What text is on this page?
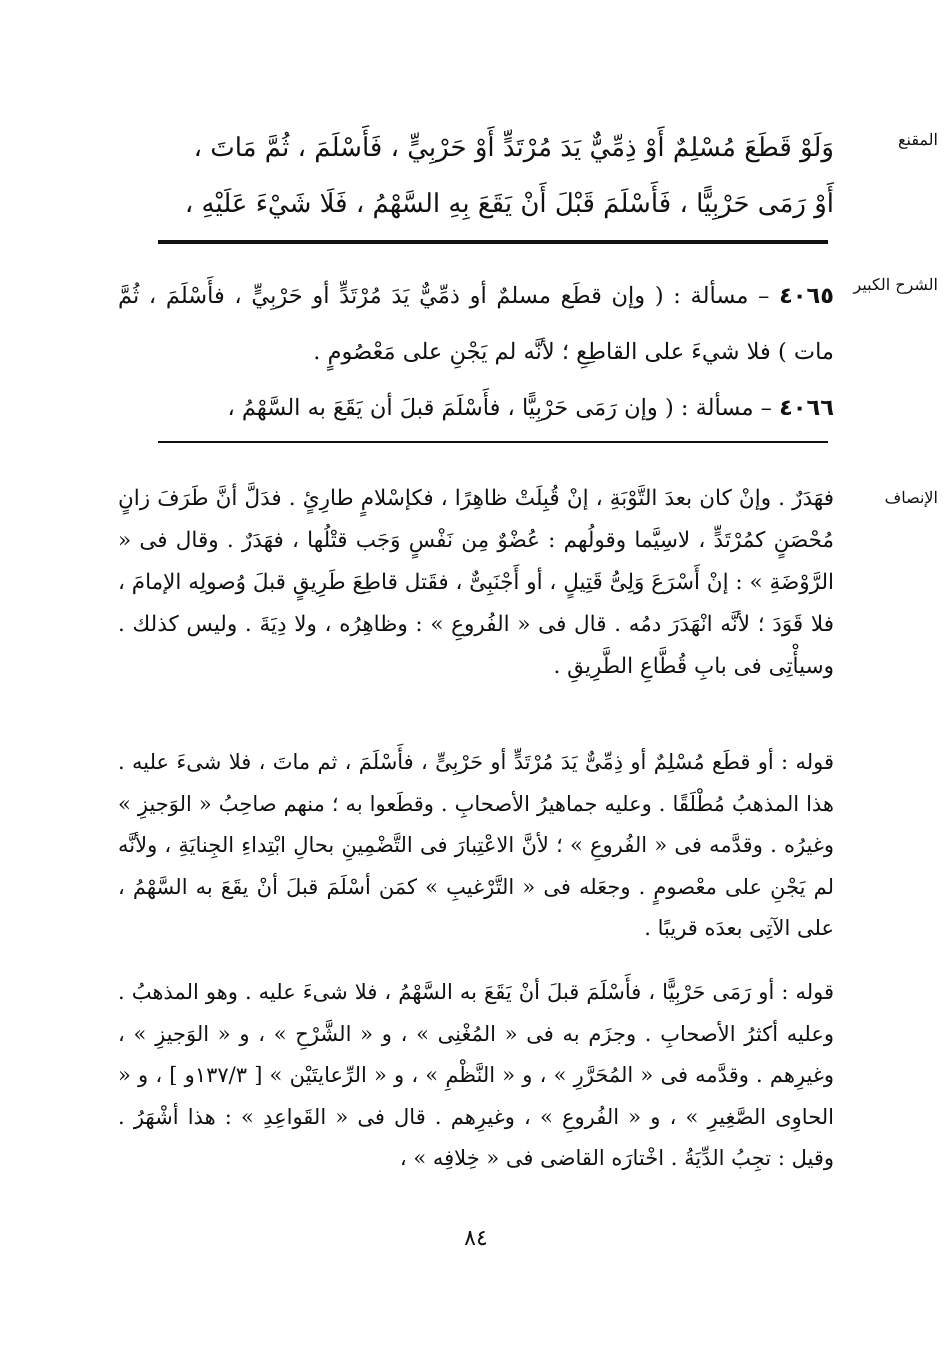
المقنع

وَلَوْ قَطَعَ مُسْلِمٌ أَوْ ذِمِّيٌّ يَدَ مُرْتَدٍّ أَوْ حَرْبِيٍّ ، فَأَسْلَمَ ، ثُمَّ مَاتَ ،

أَوْ رَمَى حَرْبِيًّا ، فَأَسْلَمَ قَبْلَ أَنْ يَقَعَ بِهِ السَّهْمُ ، فَلَا شَيْءَ عَلَيْهِ ،

الشرح الكبير

٤٠٦٥ – مسألة : ( وإن قطَع مسلمٌ أو ذمِّيٌّ يَدَ مُرْتَدٍّ أو حَرْبِيٍّ ، فأَسْلَمَ ، ثُمَّ مات ) فلا شيءَ على القاطِعِ ؛ لأنَّه لم يَجْنِ على مَعْصُومٍ .

٤٠٦٦ – مسألة : ( وإن رَمَى حَرْبِيًّا ، فأَسْلَمَ قبلَ أن يَقَعَ به السَّهْمُ ،

الإنصاف

فهَدَرٌ . وإنْ كان بعدَ التَّوْبَةِ ، إنْ قُبِلَتْ ظاهِرًا ، فكإسْلامٍ طارِئٍ . فدَلَّ أنَّ طَرَفَ زانٍ مُحْصَنٍ كمُرْتَدٍّ ، لاسِيَّما وقولُهم : عُضْوٌ مِن نَفْسٍ وَجَب قتْلُها ، فهَدَرٌ . وقال فى « الرَّوْضَةِ » : إنْ أَسْرَعَ وَلِىُّ قَتِيلٍ ، أو أَجْنَبِىٌّ ، فقَتل قاطِعَ طَرِيقٍ قبلَ وُصولِه الإمامَ ، فلا قَوَدَ ؛ لأنَّه انْهَدَرَ دمُه . قال فى « الفُروعِ » : وظاهِرُه ، ولا دِيَةَ . وليس كذلك . وسيأْتِى فى بابِ قُطَّاعِ الطَّرِيقِ .

قوله : أو قطَع مُسْلِمٌ أو ذِمِّىٌّ يَدَ مُرْتَدٍّ أو حَرْبِىٍّ ، فأَسْلَمَ ، ثم ماتَ ، فلا شىءَ عليه . هذا المذهبُ مُطْلَقًا . وعليه جماهيرُ الأصحابِ . وقطَعوا به ؛ منهم صاحِبُ « الوَجيزِ » وغيرُه . وقدَّمه فى « الفُروعِ » ؛ لأنَّ الاعْتِبارَ فى التَّضْمِينِ بحالِ ابْتِداءِ الجِنايَةِ ، ولأنَّه لم يَجْنِ على معْصومٍ . وجعَله فى « التَّرْغيبِ » كمَن أسْلَمَ قبلَ أنْ يقَعَ به السَّهْمُ ، على الآتِى بعدَه قريبًا .

قوله : أو رَمَى حَرْبِيًّا ، فأَسْلَمَ قبلَ أنْ يَقَعَ به السَّهْمُ ، فلا شىءَ عليه . وهو المذهبُ . وعليه أكثرُ الأصحابِ . وجزَم به فى « المُغْنِى » ، و « الشَّرْحِ » ، و « الوَجيزِ » ، وغيرِهم . وقدَّمه فى « المُحَرَّرِ » ، و « النَّظْمِ » ، و « الرِّعايتَيْن » [ ١٣٧/٣و ] ، و « الحاوِى الصَّغِيرِ » ، و « الفُروعِ » ، وغيرِهم . قال فى « القَواعِدِ » : هذا أشْهَرُ . وقيل : تجِبُ الدِّيَةُ . اخْتارَه القاضى فى « خِلافِه » ،

٨٤
